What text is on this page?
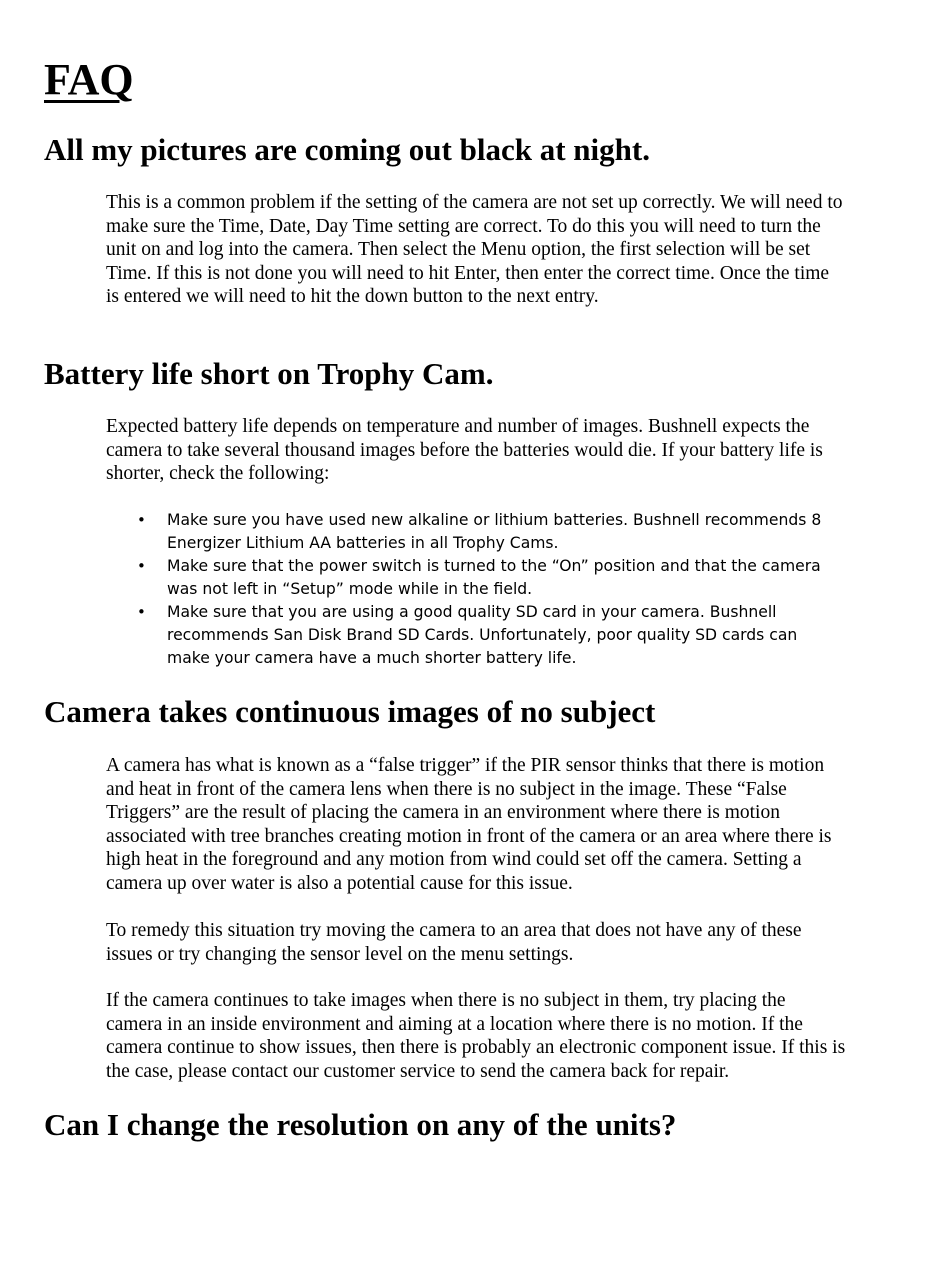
FAQ
All my pictures are coming out black at night.

This is a common problem if the setting of the camera are not set up correctly. We will need to make sure the Time, Date, Day Time setting are correct. To do this you will need to turn the unit on and log into the camera. Then select the Menu option, the first selection will be set Time. If this is not done you will need to hit Enter, then enter the correct time. Once the time is entered we will need to hit the down button to the next entry.

Battery life short on Trophy Cam.

Expected battery life depends on temperature and number of images. Bushnell expects the camera to take several thousand images before the batteries would die. If your battery life is shorter, check the following:

• Make sure you have used new alkaline or lithium batteries. Bushnell recommends 8 Energizer Lithium AA batteries in all Trophy Cams.
• Make sure that the power switch is turned to the “On” position and that the camera was not left in “Setup” mode while in the field.
• Make sure that you are using a good quality SD card in your camera. Bushnell recommends San Disk Brand SD Cards. Unfortunately, poor quality SD cards can make your camera have a much shorter battery life.
Camera takes continuous images of no subject

A camera has what is known as a “false trigger” if the PIR sensor thinks that there is motion and heat in front of the camera lens when there is no subject in the image. These “False Triggers” are the result of placing the camera in an environment where there is motion associated with tree branches creating motion in front of the camera or an area where there is high heat in the foreground and any motion from wind could set off the camera. Setting a camera up over water is also a potential cause for this issue.

To remedy this situation try moving the camera to an area that does not have any of these issues or try changing the sensor level on the menu settings.

If the camera continues to take images when there is no subject in them, try placing the camera in an inside environment and aiming at a location where there is no motion. If the camera continue to show issues, then there is probably an electronic component issue. If this is the case, please contact our customer service to send the camera back for repair.

Can I change the resolution on any of the units?
